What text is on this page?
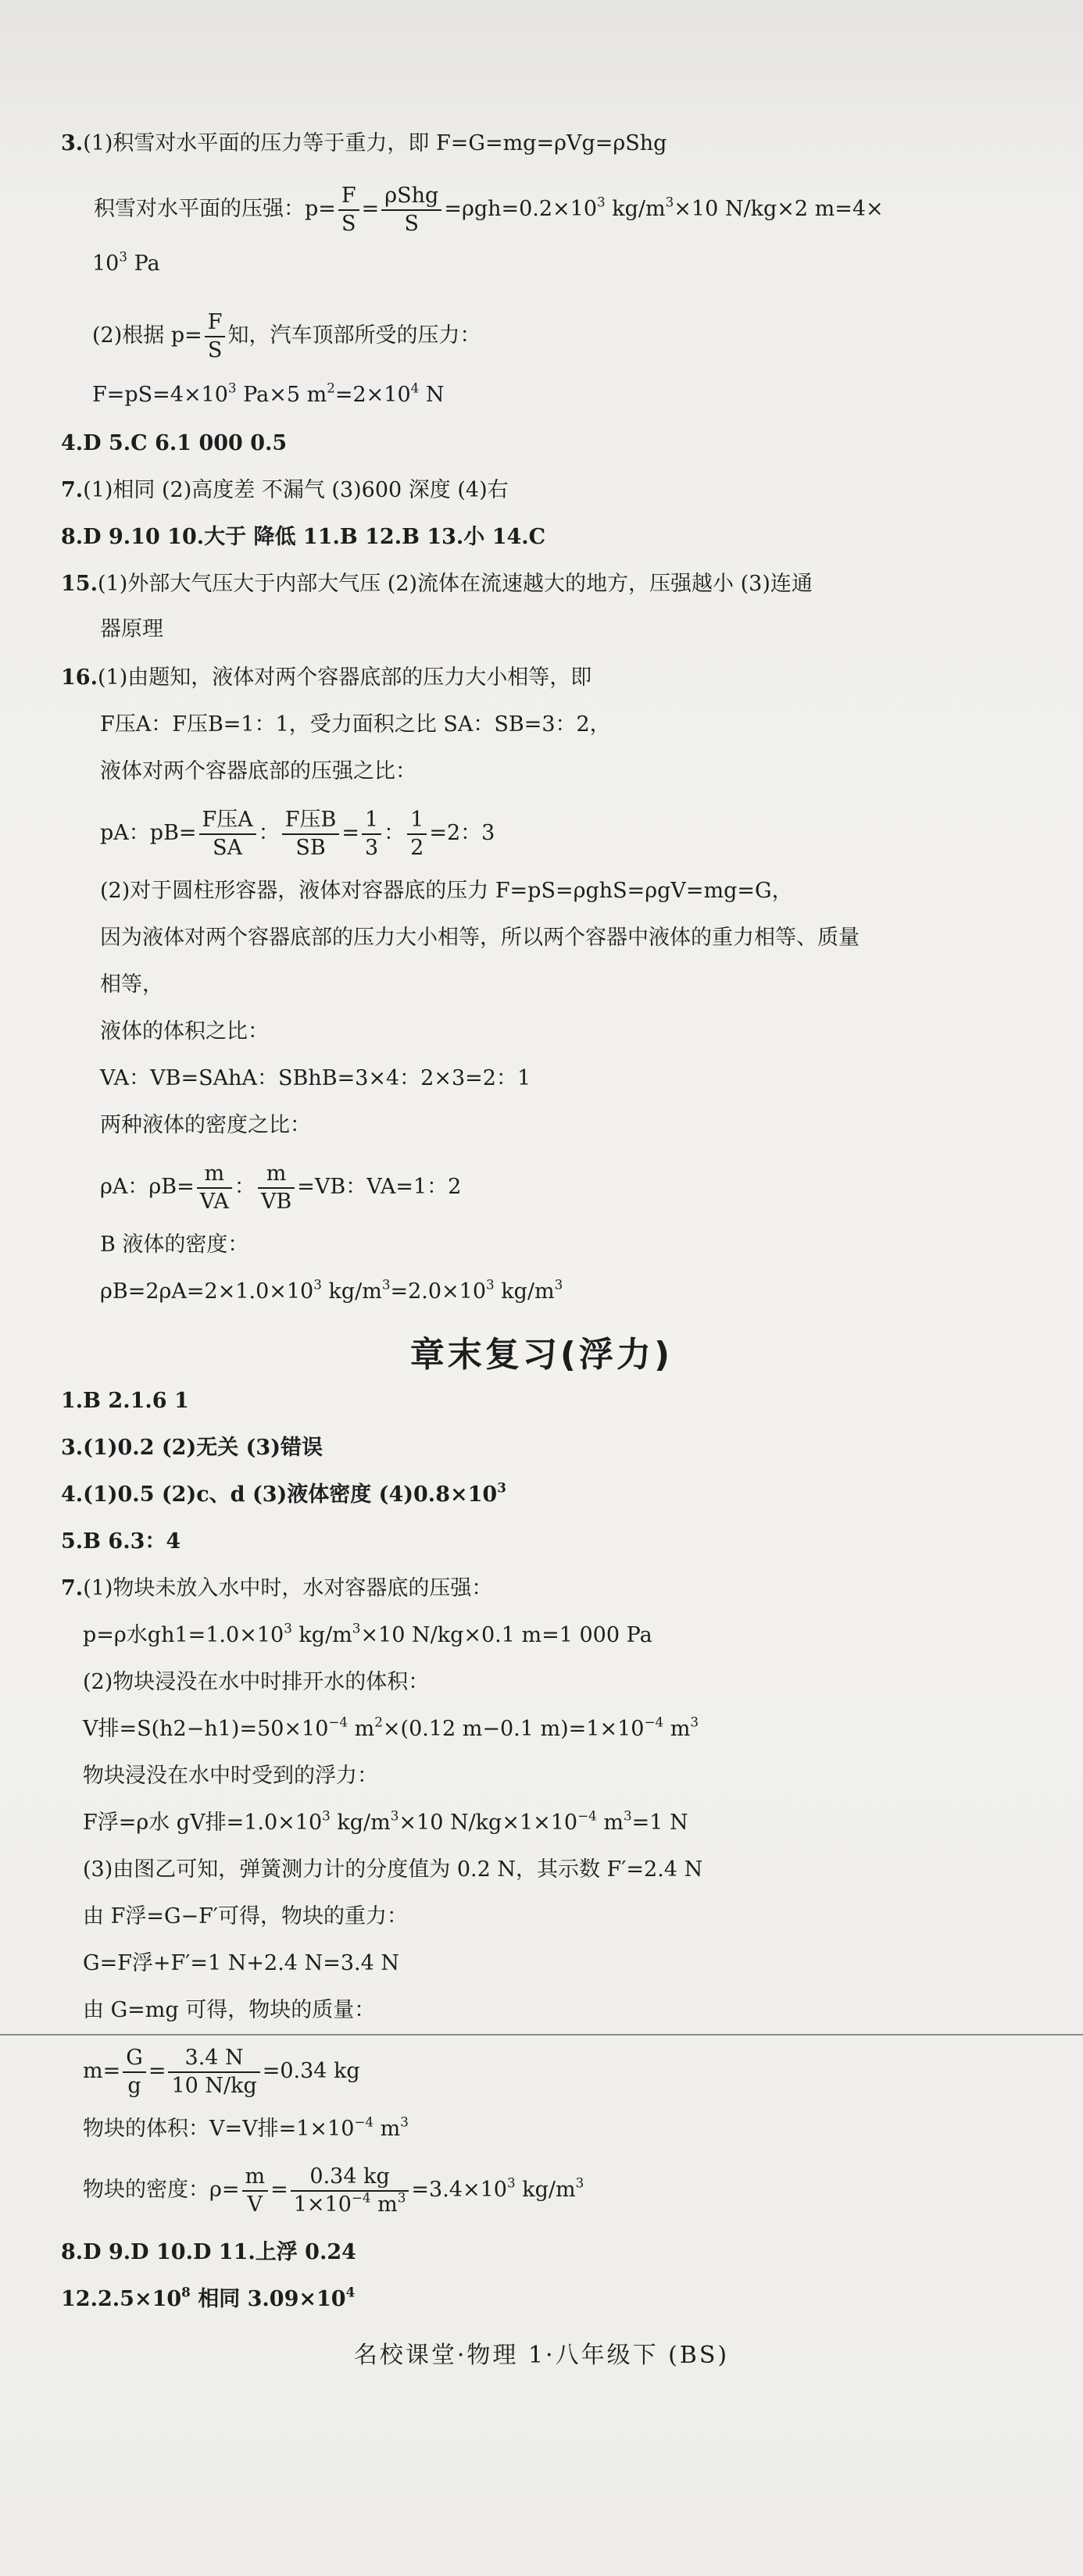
3.(1)积雪对水平面的压力等于重力，即 F=G=mg=ρVg=ρShg
积雪对水平面的压强：$p= \frac{F}{S} = \frac{\text{ρShg}}{S} =\rho gh=0.2\times 10^3$ $kg/m^3\times 10$ N/kg×2 m=4×
$10^3$ Pa
(2)根据 $p= \frac{F}{S}$ 知，汽车顶部所受的压力：
$F=pS=4\times 10^3$ Pa×5 $m^2=2\times 10^4$ N
4.D 5.C 6.1 000 0.5
7.(1)相同 (2)高度差 不漏气 (3)600 深度 (4)右
8.D 9.10 10.大于 降低 11.B 12.B 13.小 14.C
15.(1)外部大气压大于内部大气压 (2)流体在流速越大的地方，压强越小 (3)连通
器原理
16.(1)由题知，液体对两个容器底部的压力大小相等，即
F压A：F压B=1：1，受力面积之比 SA：SB=3：2，
液体对两个容器底部的压强之比：
pA：$pB= \frac{\text{F压A}}{SA}$ ： $\frac{\text{F压B}}{SB} = \frac{1}{3}$ ： $\frac{1}{2} =2$：3
(2)对于圆柱形容器，液体对容器底的压力 F=pS=ρghS=ρgV=mg=G，
因为液体对两个容器底部的压力大小相等，所以两个容器中液体的重力相等、质量
相等，
液体的体积之比：
VA：VB=SAhA：SBhB=3×4：2×3=2：1
两种液体的密度之比：
ρA：$\rho B= \frac{m}{VA}$ ： $\frac{m}{VB} =VB$：VA=1：2
B 液体的密度：
$\rho B=2\rho A=2\times 1.0\times 10^3$ $kg/m^3=2.0\times 10^3$ $kg/m^3$
章末复习(浮力)
1.B 2.1.6 1
3.(1)0.2 (2)无关 (3)错误
4.(1)0.5 (2)c、d (3)液体密度 $(4)0.8\times 10^3$
5.B 6.3：4
7.(1)物块未放入水中时，水对容器底的压强：
p=ρ水$gh1=1.0\times 10^3$ $kg/m^3\times 10$ N/kg×0.1 m=1 000 Pa
(2)物块浸没在水中时排开水的体积：
V排$=S(h2-h1)=50\times 10^{-4}$ $m^2\times(0.12$ m−0.1 $m)=1\times 10^{-4}$ $m^3$
物块浸没在水中时受到的浮力：
F浮=ρ水 gV排$=1.0\times 10^3$ $kg/m^3\times 10$ $N/kg\times 1\times 10^{-4}$ $m^3=1$ N
(3)由图乙可知，弹簧测力计的分度值为 0.2 N，其示数 F′=2.4 N
由 F浮=G−F′可得，物块的重力：
G=F浮+F′=1 N+2.4 N=3.4 N
由 G=mg 可得，物块的质量：
$m= \frac{G}{g} = \frac{3.4 N}{10 N/kg} =0.34$ kg
物块的体积：V=V排$=1\times 10^{-4}$ $m^3$
物块的密度：$\rho= \frac{m}{V} = \frac{0.34 kg}{1\times 10^{-4} m^3} =3.4\times 10^3$ $kg/m^3$
8.D 9.D 10.D 11.上浮 0.24
$12.2.5\times 10^8$ 相同 $3.09\times 10^4$
名校课堂·物理 1·八年级下 (BS)
